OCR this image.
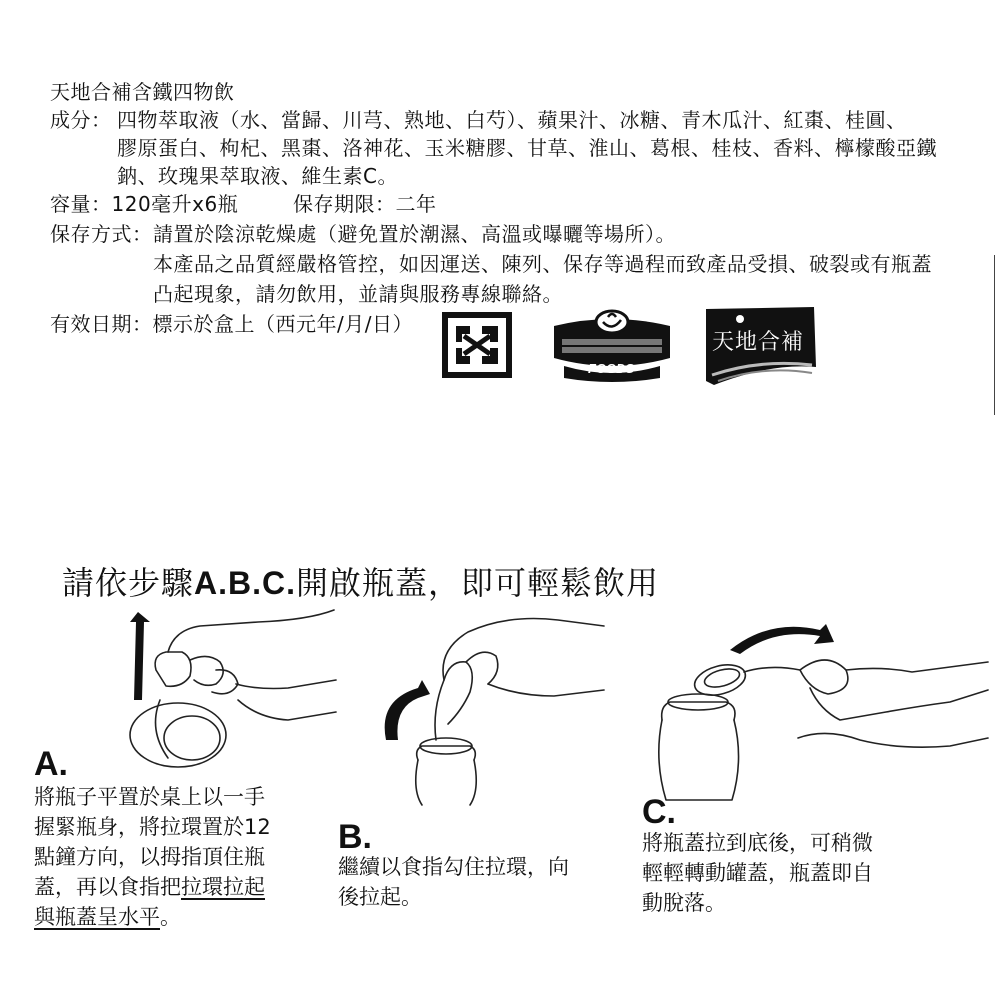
天地合補含鐵四物飲
成分： 四物萃取液（水、當歸、川芎、熟地、白芍）、蘋果汁、冰糖、青木瓜汁、紅棗、桂圓、
膠原蛋白、枸杞、黑棗、洛神花、玉米糖膠、甘草、淮山、葛根、桂枝、香料、檸檬酸亞鐵
鈉、玫瑰果萃取液、維生素C。
容量：120毫升x6瓶	保存期限：二年
保存方式： 請置於陰涼乾燥處（避免置於潮濕、高溫或曝曬等場所）。
本產品之品質經嚴格管控，如因運送、陳列、保存等過程而致產品受損、破裂或有瓶蓋
凸起現象，請勿飲用，並請與服務專線聯絡。
有效日期：標示於盒上（西元年/月/日）
FOODS
天地合補
請依步驟A.B.C.開啟瓶蓋，即可輕鬆飲用
A.
將瓶子平置於桌上以一手
握緊瓶身，將拉環置於12
點鐘方向，以拇指頂住瓶
蓋，再以食指把拉環拉起
與瓶蓋呈水平。
B.
繼續以食指勾住拉環，向
後拉起。
C.
將瓶蓋拉到底後，可稍微
輕輕轉動罐蓋，瓶蓋即自
動脫落。
